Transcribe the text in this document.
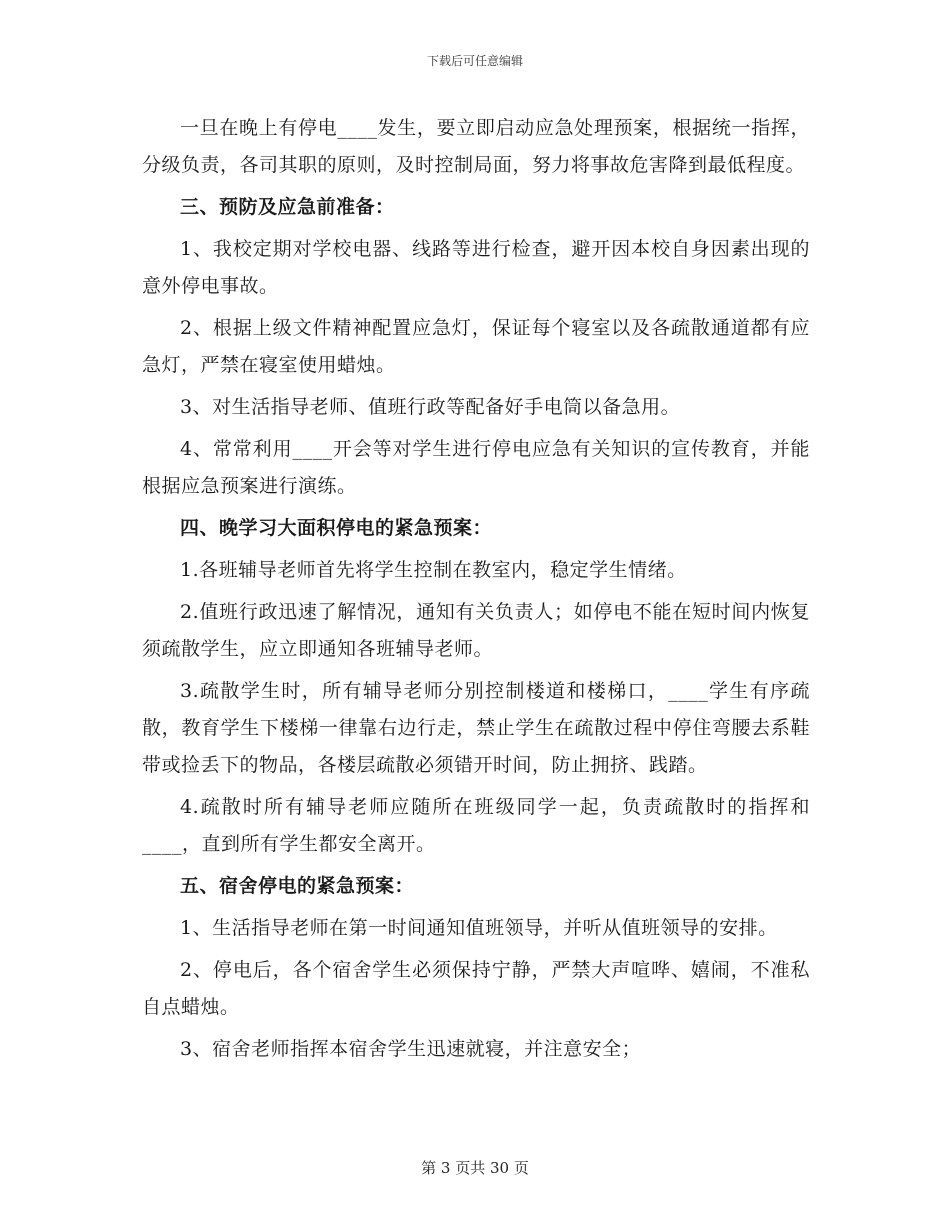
下载后可任意编辑

一旦在晚上有停电____发生，要立即启动应急处理预案，根据统一指挥，分级负责，各司其职的原则，及时控制局面，努力将事故危害降到最低程度。

三、预防及应急前准备：

1、我校定期对学校电器、线路等进行检查，避开因本校自身因素出现的意外停电事故。

2、根据上级文件精神配置应急灯，保证每个寝室以及各疏散通道都有应急灯，严禁在寝室使用蜡烛。

3、对生活指导老师、值班行政等配备好手电筒以备急用。

4、常常利用____开会等对学生进行停电应急有关知识的宣传教育，并能根据应急预案进行演练。

四、晚学习大面积停电的紧急预案：

1.各班辅导老师首先将学生控制在教室内，稳定学生情绪。

2.值班行政迅速了解情况，通知有关负责人；如停电不能在短时间内恢复须疏散学生，应立即通知各班辅导老师。

3.疏散学生时，所有辅导老师分别控制楼道和楼梯口，____学生有序疏散，教育学生下楼梯一律靠右边行走，禁止学生在疏散过程中停住弯腰去系鞋带或捡丢下的物品，各楼层疏散必须错开时间，防止拥挤、践踏。

4.疏散时所有辅导老师应随所在班级同学一起，负责疏散时的指挥和____，直到所有学生都安全离开。

五、宿舍停电的紧急预案：

1、生活指导老师在第一时间通知值班领导，并听从值班领导的安排。

2、停电后，各个宿舍学生必须保持宁静，严禁大声喧哗、嬉闹，不准私自点蜡烛。

3、宿舍老师指挥本宿舍学生迅速就寝，并注意安全；

第 3 页共 30 页
